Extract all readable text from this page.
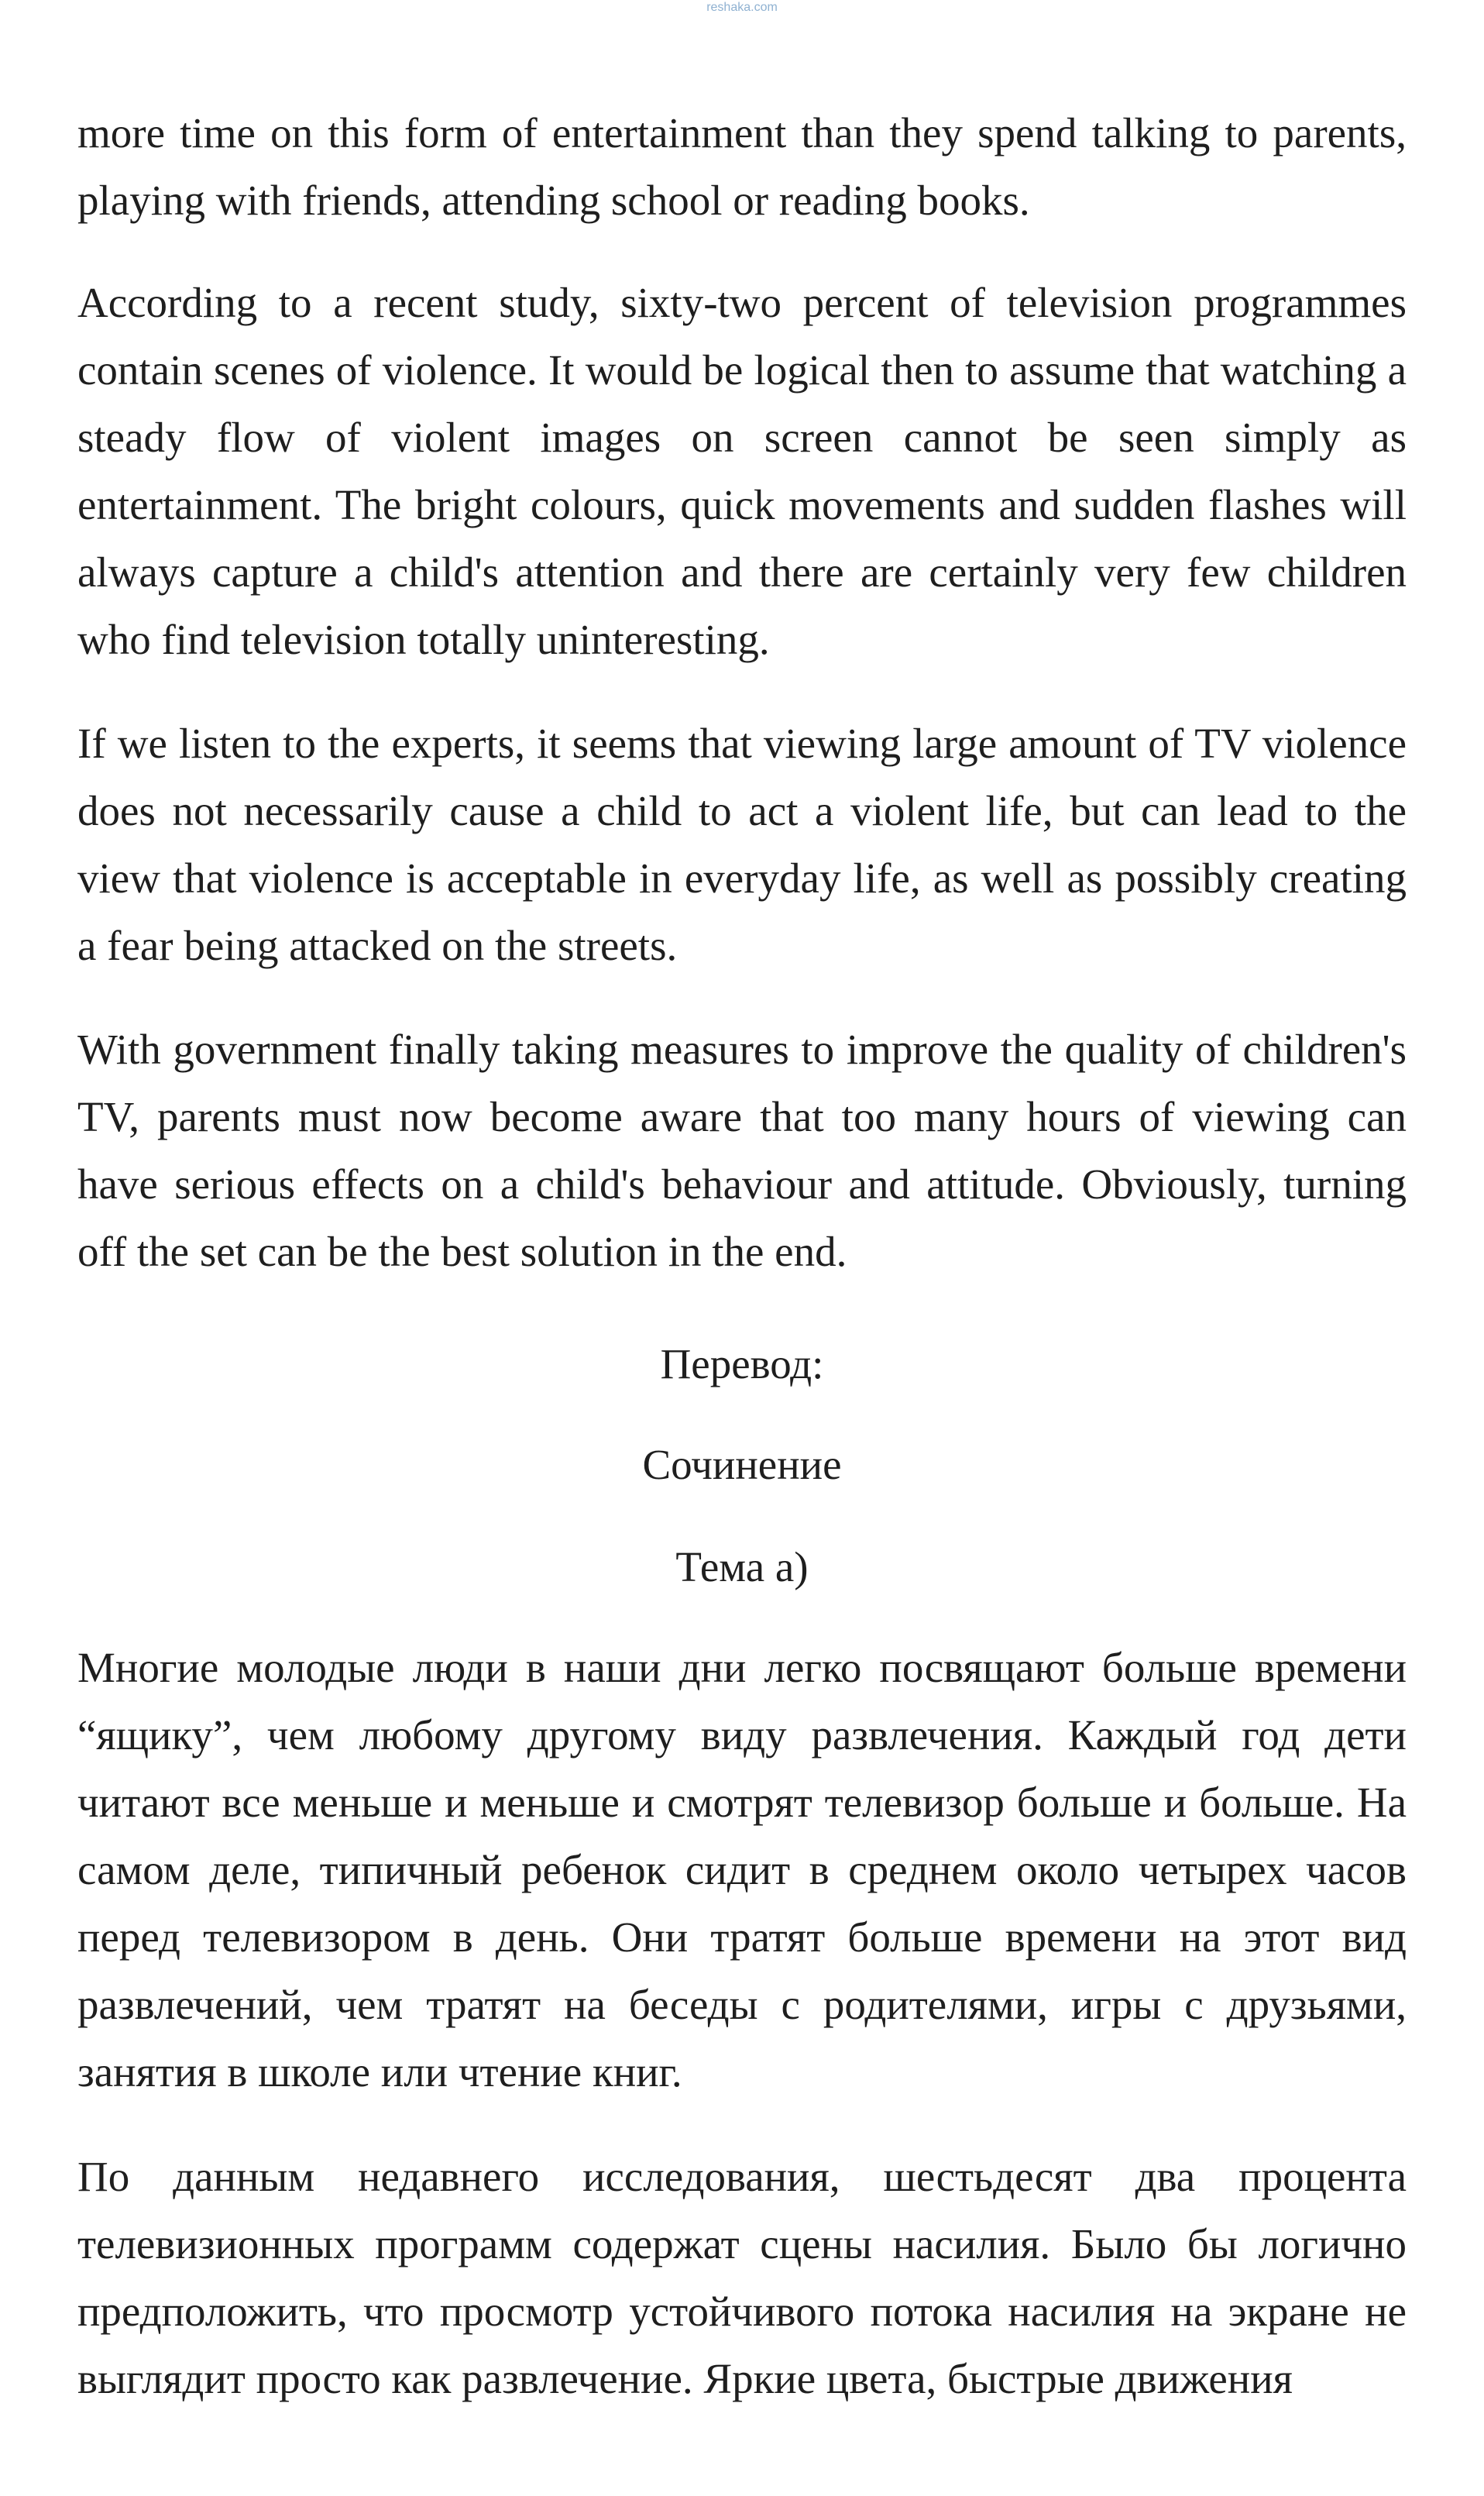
reshaka.com

more time on this form of entertainment than they spend talking to parents, playing with friends, attending school or reading books.

According to a recent study, sixty-two percent of television programmes contain scenes of violence. It would be logical then to assume that watching a steady flow of violent images on screen cannot be seen simply as entertainment. The bright colours, quick movements and sudden flashes will always capture a child's attention and there are certainly very few children who find television totally uninteresting.

If we listen to the experts, it seems that viewing large amount of TV violence does not necessarily cause a child to act a violent life, but can lead to the view that violence is acceptable in everyday life, as well as possibly creating a fear being attacked on the streets.

With government finally taking measures to improve the quality of children's TV, parents must now become aware that too many hours of viewing can have serious effects on a child's behaviour and attitude. Obviously, turning off the set can be the best solution in the end.

Перевод:

Сочинение

Тема а)

Многие молодые люди в наши дни легко посвящают больше времени “ящику”, чем любому другому виду развлечения. Каждый год дети читают все меньше и меньше и смотрят телевизор больше и больше. На самом деле, типичный ребенок сидит в среднем около четырех часов перед телевизором в день. Они тратят больше времени на этот вид развлечений, чем тратят на беседы с родителями, игры с друзьями, занятия в школе или чтение книг.

По данным недавнего исследования, шестьдесят два процента телевизионных программ содержат сцены насилия. Было бы логично предположить, что просмотр устойчивого потока насилия на экране не выглядит просто как развлечение. Яркие цвета, быстрые движения
